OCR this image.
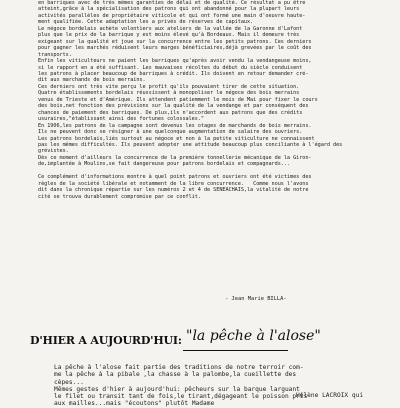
en barriques avec de très mêmes garanties de délai et de qualité. Ce résultat a pu être
atteint,grâce à la spécialisation des patrons qui ont abandonné pour la plupart leurs
activités parallèles de propriétaire viticole et qui ont formé une main d'oeuvre haute-
ment qualifiée. Cette adaptation les a privés de réserves de capitaux.
Le négoce bordelais achète volontiers aux ateliers de la vallée de la Garonne d'Lafont
plus que le prix de la barrique y est moins élevé qu'à Bordeaux. Mais il demeure très
exigeant sur la qualité et joue sur la concurrence entre les petits patrons. Ces derniers
pour gagner les marchés réduisent leurs marges bénéficiaires,déjà grevées par le coût des
transports.
Enfin les viticulteurs ne paient les barriques qu'après avoir vendu la vendangeuse moins,
si le rapport en a été suffisant. Les mauvaises récoltes du début du siècle conduisent
les patrons à placer beaucoup de barriques à crédit. Ils doivent en retour demander cré-
dit aux marchands de bois merrains.
Ces derniers ont très vite perçu le profit qu'ils pouvaient tirer de cette situation.
Quatre établissements bordelais réussissent à monopoliser le négoce des bois merrains
venus de Trieste et d'Amérique. Ils attendent patiemment le mois de Mai pour fixer le cours
des bois,net fonction des prévisions sur la qualité de la vendange et par conséquent des
chances de paiement des barriques. De plus,ils n'accordent aux patrons que des crédits
usuraires,"établissant ainsi des fortunes colossales."
En 1906,les patrons de la campagne sont devenus les otages de marchands de bois merrains.
Ils ne peuvent donc se résigner à une quelconque augmentation de salaire des ouvriers.
Les patrons bordelais,liés surtout au négoce et non à la petite viticulture ne connaissent
pas les mêmes difficultés. Ils peuvent adopter une attitude beaucoup plus conciliante à l'égard des
grévistes.
Dès ce moment d'ailleurs la concurrence de la première tonnellerie mécanique de la Giron-
de,implantée à Moulins,se fait dangereuse pour patrons bordelais et compagnards...

Ce complément d'informations montre à quel point patrons et ouvriers ont été victimes des
règles de la société libérale et notamment de la libre concurrence.   Comme nous l'avons
dit dans la chronique répartie sur les numéros 2 et 4 de SENEACHAIS,la vitalité de notre
cité se trouva durablement compromise par ce conflit.
- Jean Marie BILLA-
D'HIER A AUJOURD'HUI: "la pêche à l'alose"
La pêche à l'alose fait partie des traditions de notre terroir com-
me la pêche à la pibale ,la chasse à la palombe,la cueillette des
cèpes...
Mêmes gestes d'hier à aujourd'hui: pêcheurs sur la barque larguant
le filet ou transit tant de fois,le tirant,dégageant le poisson pris
aux mailles...mais "écoutons" plutôt Madame
Hélène LACROIX qui
